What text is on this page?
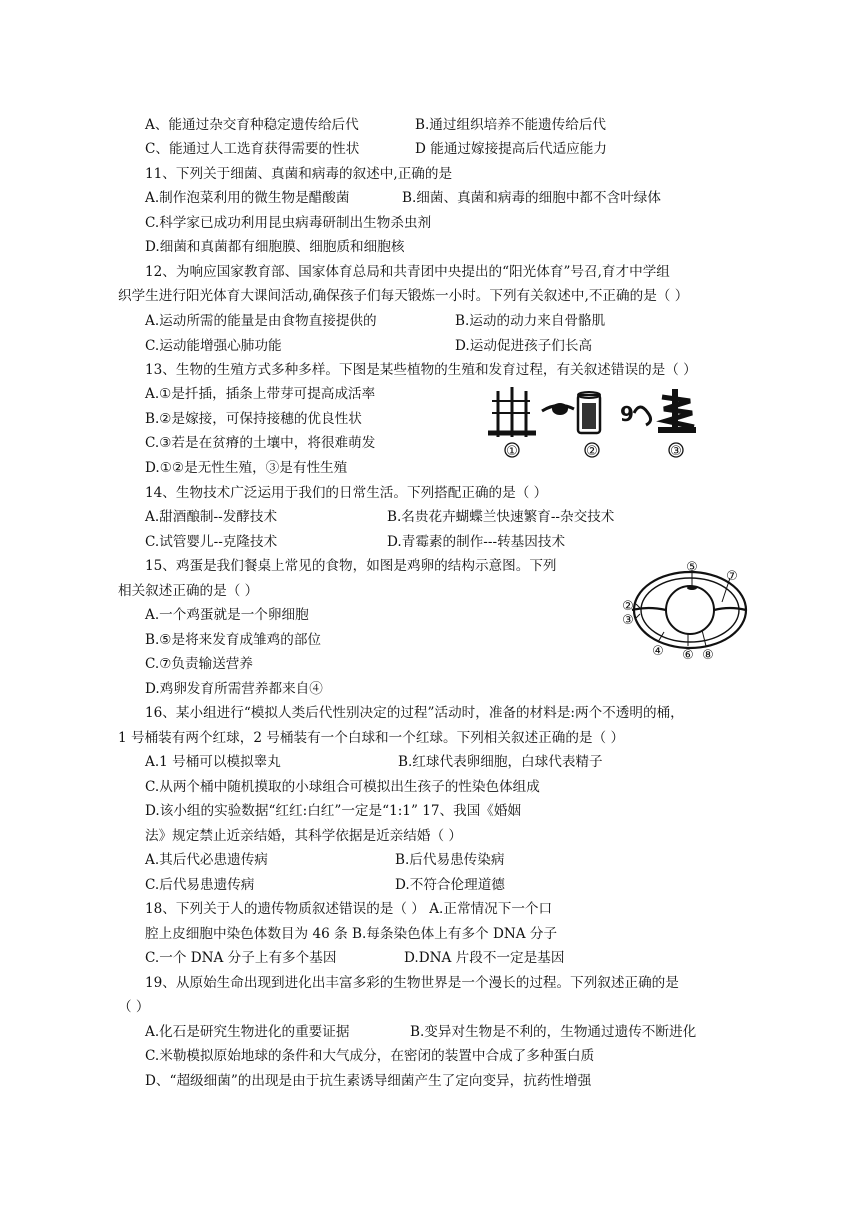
A、能通过杂交育种稳定遗传给后代	B.通过组织培养不能遗传给后代
C、能通过人工选育获得需要的性状	D 能通过嫁接提高后代适应能力
11、下列关于细菌、真菌和病毒的叙述中,正确的是
A.制作泡菜利用的微生物是醋酸菌	B.细菌、真菌和病毒的细胞中都不含叶绿体
C.科学家已成功利用昆虫病毒研制出生物杀虫剂
D.细菌和真菌都有细胞膜、细胞质和细胞核
12、为响应国家教育部、国家体育总局和共青团中央提出的“阳光体育”号召,育才中学组
织学生进行阳光体育大课间活动,确保孩子们每天锻炼一小时。下列有关叙述中,不正确的是（ ）
A.运动所需的能量是由食物直接提供的	B.运动的动力来自骨骼肌
C.运动能增强心肺功能	D.运动促进孩子们长高
13、生物的生殖方式多种多样。下图是某些植物的生殖和发育过程，有关叙述错误的是（ ）
A.①是扦插，插条上带芽可提高成活率
B.②是嫁接，可保持接穗的优良性状
C.③若是在贫瘠的土壤中，将很难萌发
D.①②是无性生殖，③是有性生殖
9
①	②	③
14、生物技术广泛运用于我们的日常生活。下列搭配正确的是（ ）
A.甜酒酿制--发酵技术	B.名贵花卉蝴蝶兰快速繁育--杂交技术
C.试管婴儿--克隆技术	D.青霉素的制作---转基因技术
15、鸡蛋是我们餐桌上常见的食物，如图是鸡卵的结构示意图。下列
相关叙述正确的是（ ）
A.一个鸡蛋就是一个卵细胞
B.⑤是将来发育成雏鸡的部位
C.⑦负责输送营养
D.鸡卵发育所需营养都来自④
⑤
⑦
②
③
④ ⑥ ⑧
16、某小组进行“模拟人类后代性别决定的过程”活动时，准备的材料是:两个不透明的桶，
1 号桶装有两个红球，2 号桶装有一个白球和一个红球。下列相关叙述正确的是（ ）
A.1 号桶可以模拟睾丸	B.红球代表卵细胞，白球代表精子
C.从两个桶中随机摸取的小球组合可模拟出生孩子的性染色体组成
D.该小组的实验数据“红红:白红”一定是“1:1” 17、我国《婚姻
法》规定禁止近亲结婚，其科学依据是近亲结婚（ ）
A.其后代必患遗传病	B.后代易患传染病
C.后代易患遗传病	D.不符合伦理道德
18、下列关于人的遗传物质叙述错误的是（ ） A.正常情况下一个口
腔上皮细胞中染色体数目为 46 条 B.每条染色体上有多个 DNA 分子
C.一个 DNA 分子上有多个基因	D.DNA 片段不一定是基因
19、从原始生命出现到进化出丰富多彩的生物世界是一个漫长的过程。下列叙述正确的是
（ ）
A.化石是研究生物进化的重要证据	B.变异对生物是不利的，生物通过遗传不断进化
C.米勒模拟原始地球的条件和大气成分，在密闭的装置中合成了多种蛋白质
D、“超级细菌”的出现是由于抗生素诱导细菌产生了定向变异，抗药性增强
